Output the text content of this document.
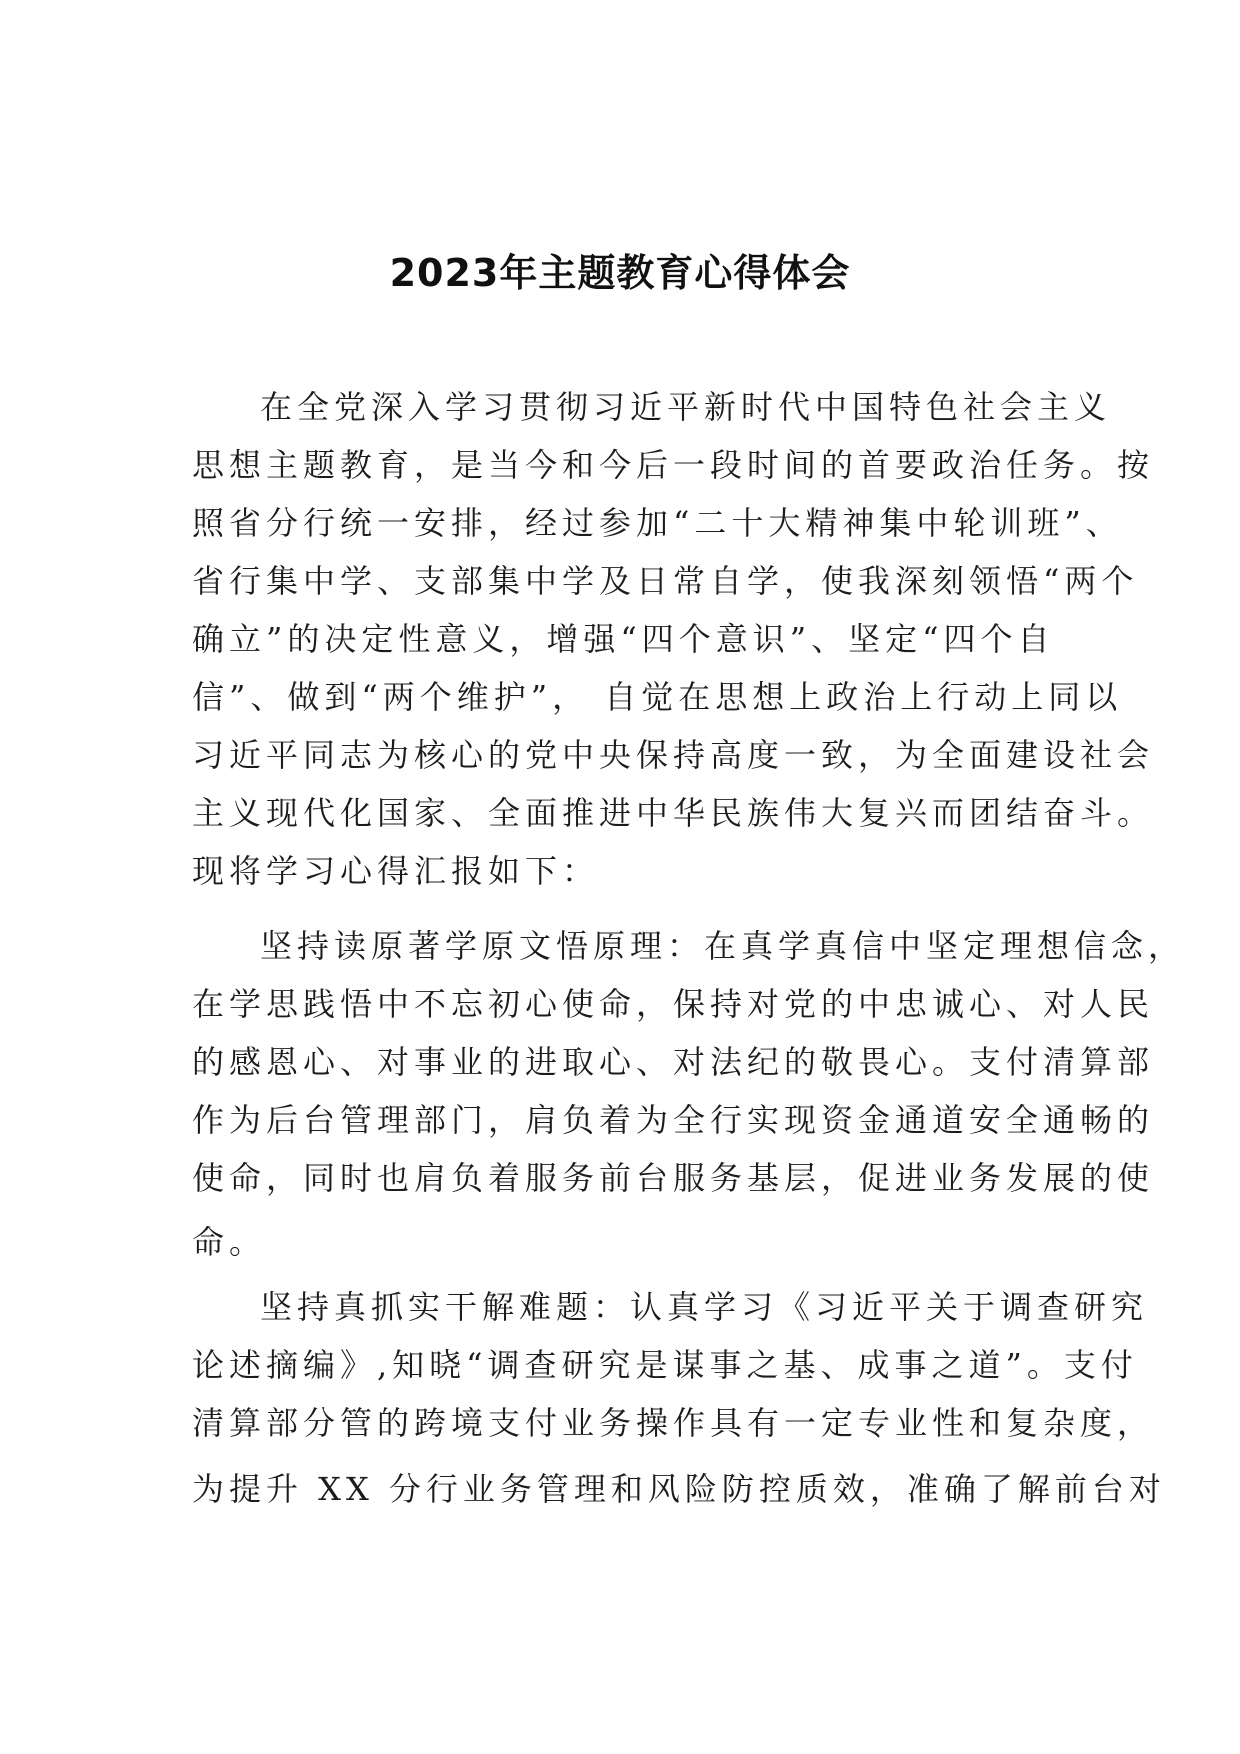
2023年主题教育心得体会
在全党深入学习贯彻习近平新时代中国特色社会主义
思想主题教育，是当今和今后一段时间的首要政治任务。按
照省分行统一安排，经过参加“二十大精神集中轮训班”、
省行集中学、支部集中学及日常自学，使我深刻领悟“两个
确立”的决定性意义，增强“四个意识”、坚定“四个自
信”、做到“两个维护”， 自觉在思想上政治上行动上同以
习近平同志为核心的党中央保持高度一致，为全面建设社会
主义现代化国家、全面推进中华民族伟大复兴而团结奋斗。
现将学习心得汇报如下：
坚持读原著学原文悟原理：在真学真信中坚定理想信念，
在学思践悟中不忘初心使命，保持对党的中忠诚心、对人民
的感恩心、对事业的进取心、对法纪的敬畏心。支付清算部
作为后台管理部门，肩负着为全行实现资金通道安全通畅的
使命，同时也肩负着服务前台服务基层，促进业务发展的使
命。
坚持真抓实干解难题：认真学习《习近平关于调查研究
论述摘编》,知晓“调查研究是谋事之基、成事之道”。支付
清算部分管的跨境支付业务操作具有一定专业性和复杂度，
为提升 XX 分行业务管理和风险防控质效，准确了解前台对
